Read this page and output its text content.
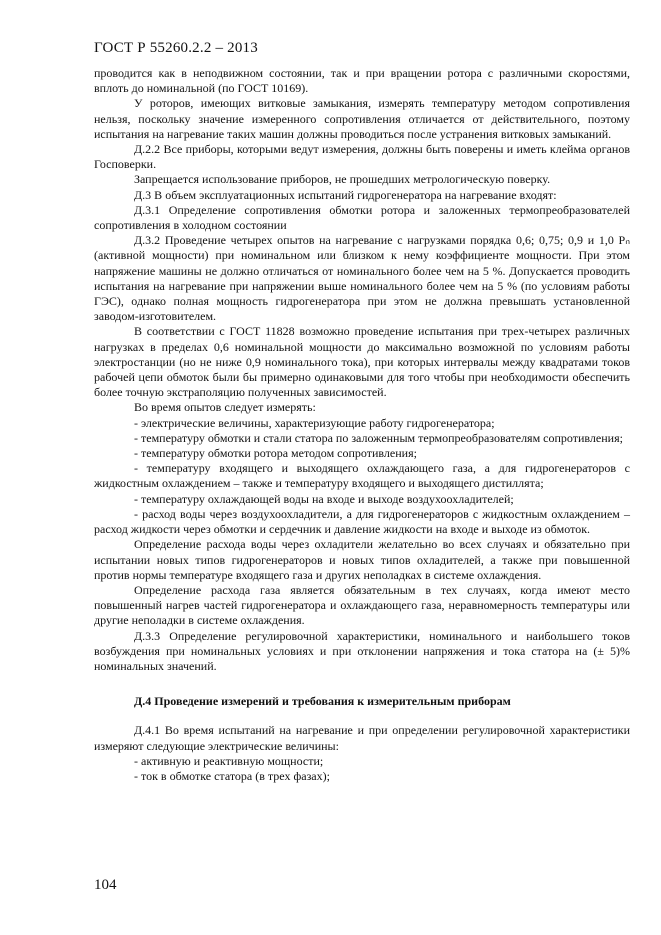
ГОСТ Р 55260.2.2 – 2013

проводится как в неподвижном состоянии, так и при вращении ротора с различными скоростями, вплоть до номинальной (по ГОСТ 10169).

У роторов, имеющих витковые замыкания, измерять температуру методом сопротивления нельзя, поскольку значение измеренного сопротивления отличается от действительного, поэтому испытания на нагревание таких машин должны проводиться после устранения витковых замыканий.

Д.2.2 Все приборы, которыми ведут измерения, должны быть поверены и иметь клейма органов Госповерки.

Запрещается использование приборов, не прошедших метрологическую поверку.

Д.3 В объем эксплуатационных испытаний гидрогенератора на нагревание входят:

Д.3.1 Определение сопротивления обмотки ротора и заложенных термопреобразователей сопротивления в холодном состоянии

Д.3.2 Проведение четырех опытов на нагревание с нагрузками порядка 0,6; 0,75; 0,9 и 1,0 Pₙ (активной мощности) при номинальном или близком к нему коэффициенте мощности. При этом напряжение машины не должно отличаться от номинального более чем на 5 %. Допускается проводить испытания на нагревание при напряжении выше номинального более чем на 5 % (по условиям работы ГЭС), однако полная мощность гидрогенератора при этом не должна превышать установленной заводом-изготовителем.

В соответствии с ГОСТ 11828 возможно проведение испытания при трех-четырех различных нагрузках в пределах 0,6 номинальной мощности до максимально возможной по условиям работы электростанции (но не ниже 0,9 номинального тока), при которых интервалы между квадратами токов рабочей цепи обмоток были бы примерно одинаковыми для того чтобы при необходимости обеспечить более точную экстраполяцию полученных зависимостей.

Во время опытов следует измерять:

- электрические величины, характеризующие работу гидрогенератора;

- температуру обмотки и стали статора по заложенным термопреобразователям сопротивления;

- температуру обмотки ротора методом сопротивления;

- температуру входящего и выходящего охлаждающего газа, а для гидрогенераторов с жидкостным охлаждением – также и температуру входящего и выходящего дистиллята;

- температуру охлаждающей воды на входе и выходе воздухоохладителей;

- расход воды через воздухоохладители, а для гидрогенераторов с жидкостным охлаждением – расход жидкости через обмотки и сердечник и давление жидкости на входе и выходе из обмоток.

Определение расхода воды через охладители желательно во всех случаях и обязательно при испытании новых типов гидрогенераторов и новых типов охладителей, а также при повышенной против нормы температуре входящего газа и других неполадках в системе охлаждения.

Определение расхода газа является обязательным в тех случаях, когда имеют место повышенный нагрев частей гидрогенератора и охлаждающего газа, неравномерность температуры или другие неполадки в системе охлаждения.

Д.3.3 Определение регулировочной характеристики, номинального и наибольшего токов возбуждения при номинальных условиях и при отклонении напряжения и тока статора на (± 5)% номинальных значений.

Д.4 Проведение измерений и требования к измерительным приборам

Д.4.1 Во время испытаний на нагревание и при определении регулировочной характеристики измеряют следующие электрические величины:

- активную и реактивную мощности;

- ток в обмотке статора (в трех фазах);

104
